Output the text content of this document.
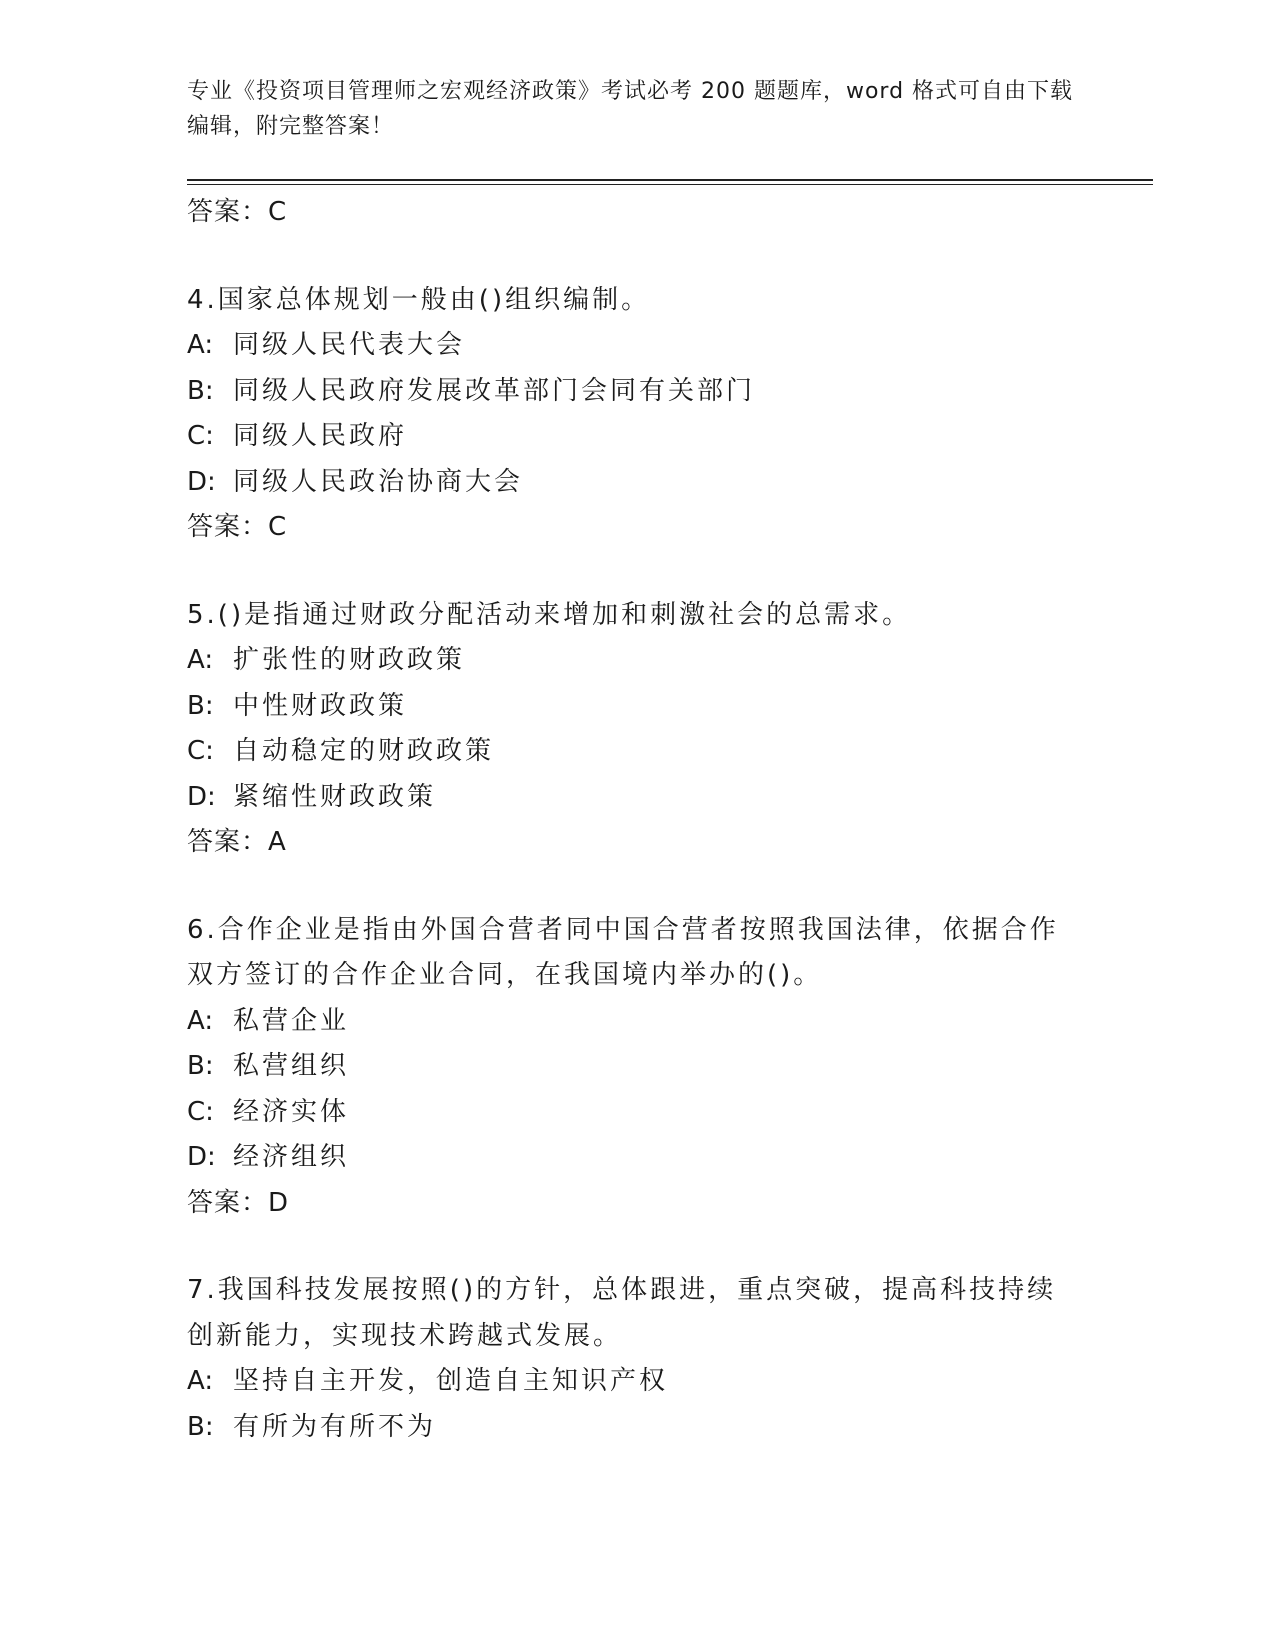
专业《投资项目管理师之宏观经济政策》考试必考 200 题题库，word 格式可自由下载编辑，附完整答案！
答案：C
4.国家总体规划一般由()组织编制。
A: 同级人民代表大会
B: 同级人民政府发展改革部门会同有关部门
C: 同级人民政府
D: 同级人民政治协商大会
答案：C
5.()是指通过财政分配活动来增加和刺激社会的总需求。
A: 扩张性的财政政策
B: 中性财政政策
C: 自动稳定的财政政策
D: 紧缩性财政政策
答案：A
6.合作企业是指由外国合营者同中国合营者按照我国法律，依据合作
双方签订的合作企业合同，在我国境内举办的()。
A: 私营企业
B: 私营组织
C: 经济实体
D: 经济组织
答案：D
7.我国科技发展按照()的方针，总体跟进，重点突破，提高科技持续
创新能力，实现技术跨越式发展。
A: 坚持自主开发，创造自主知识产权
B: 有所为有所不为
